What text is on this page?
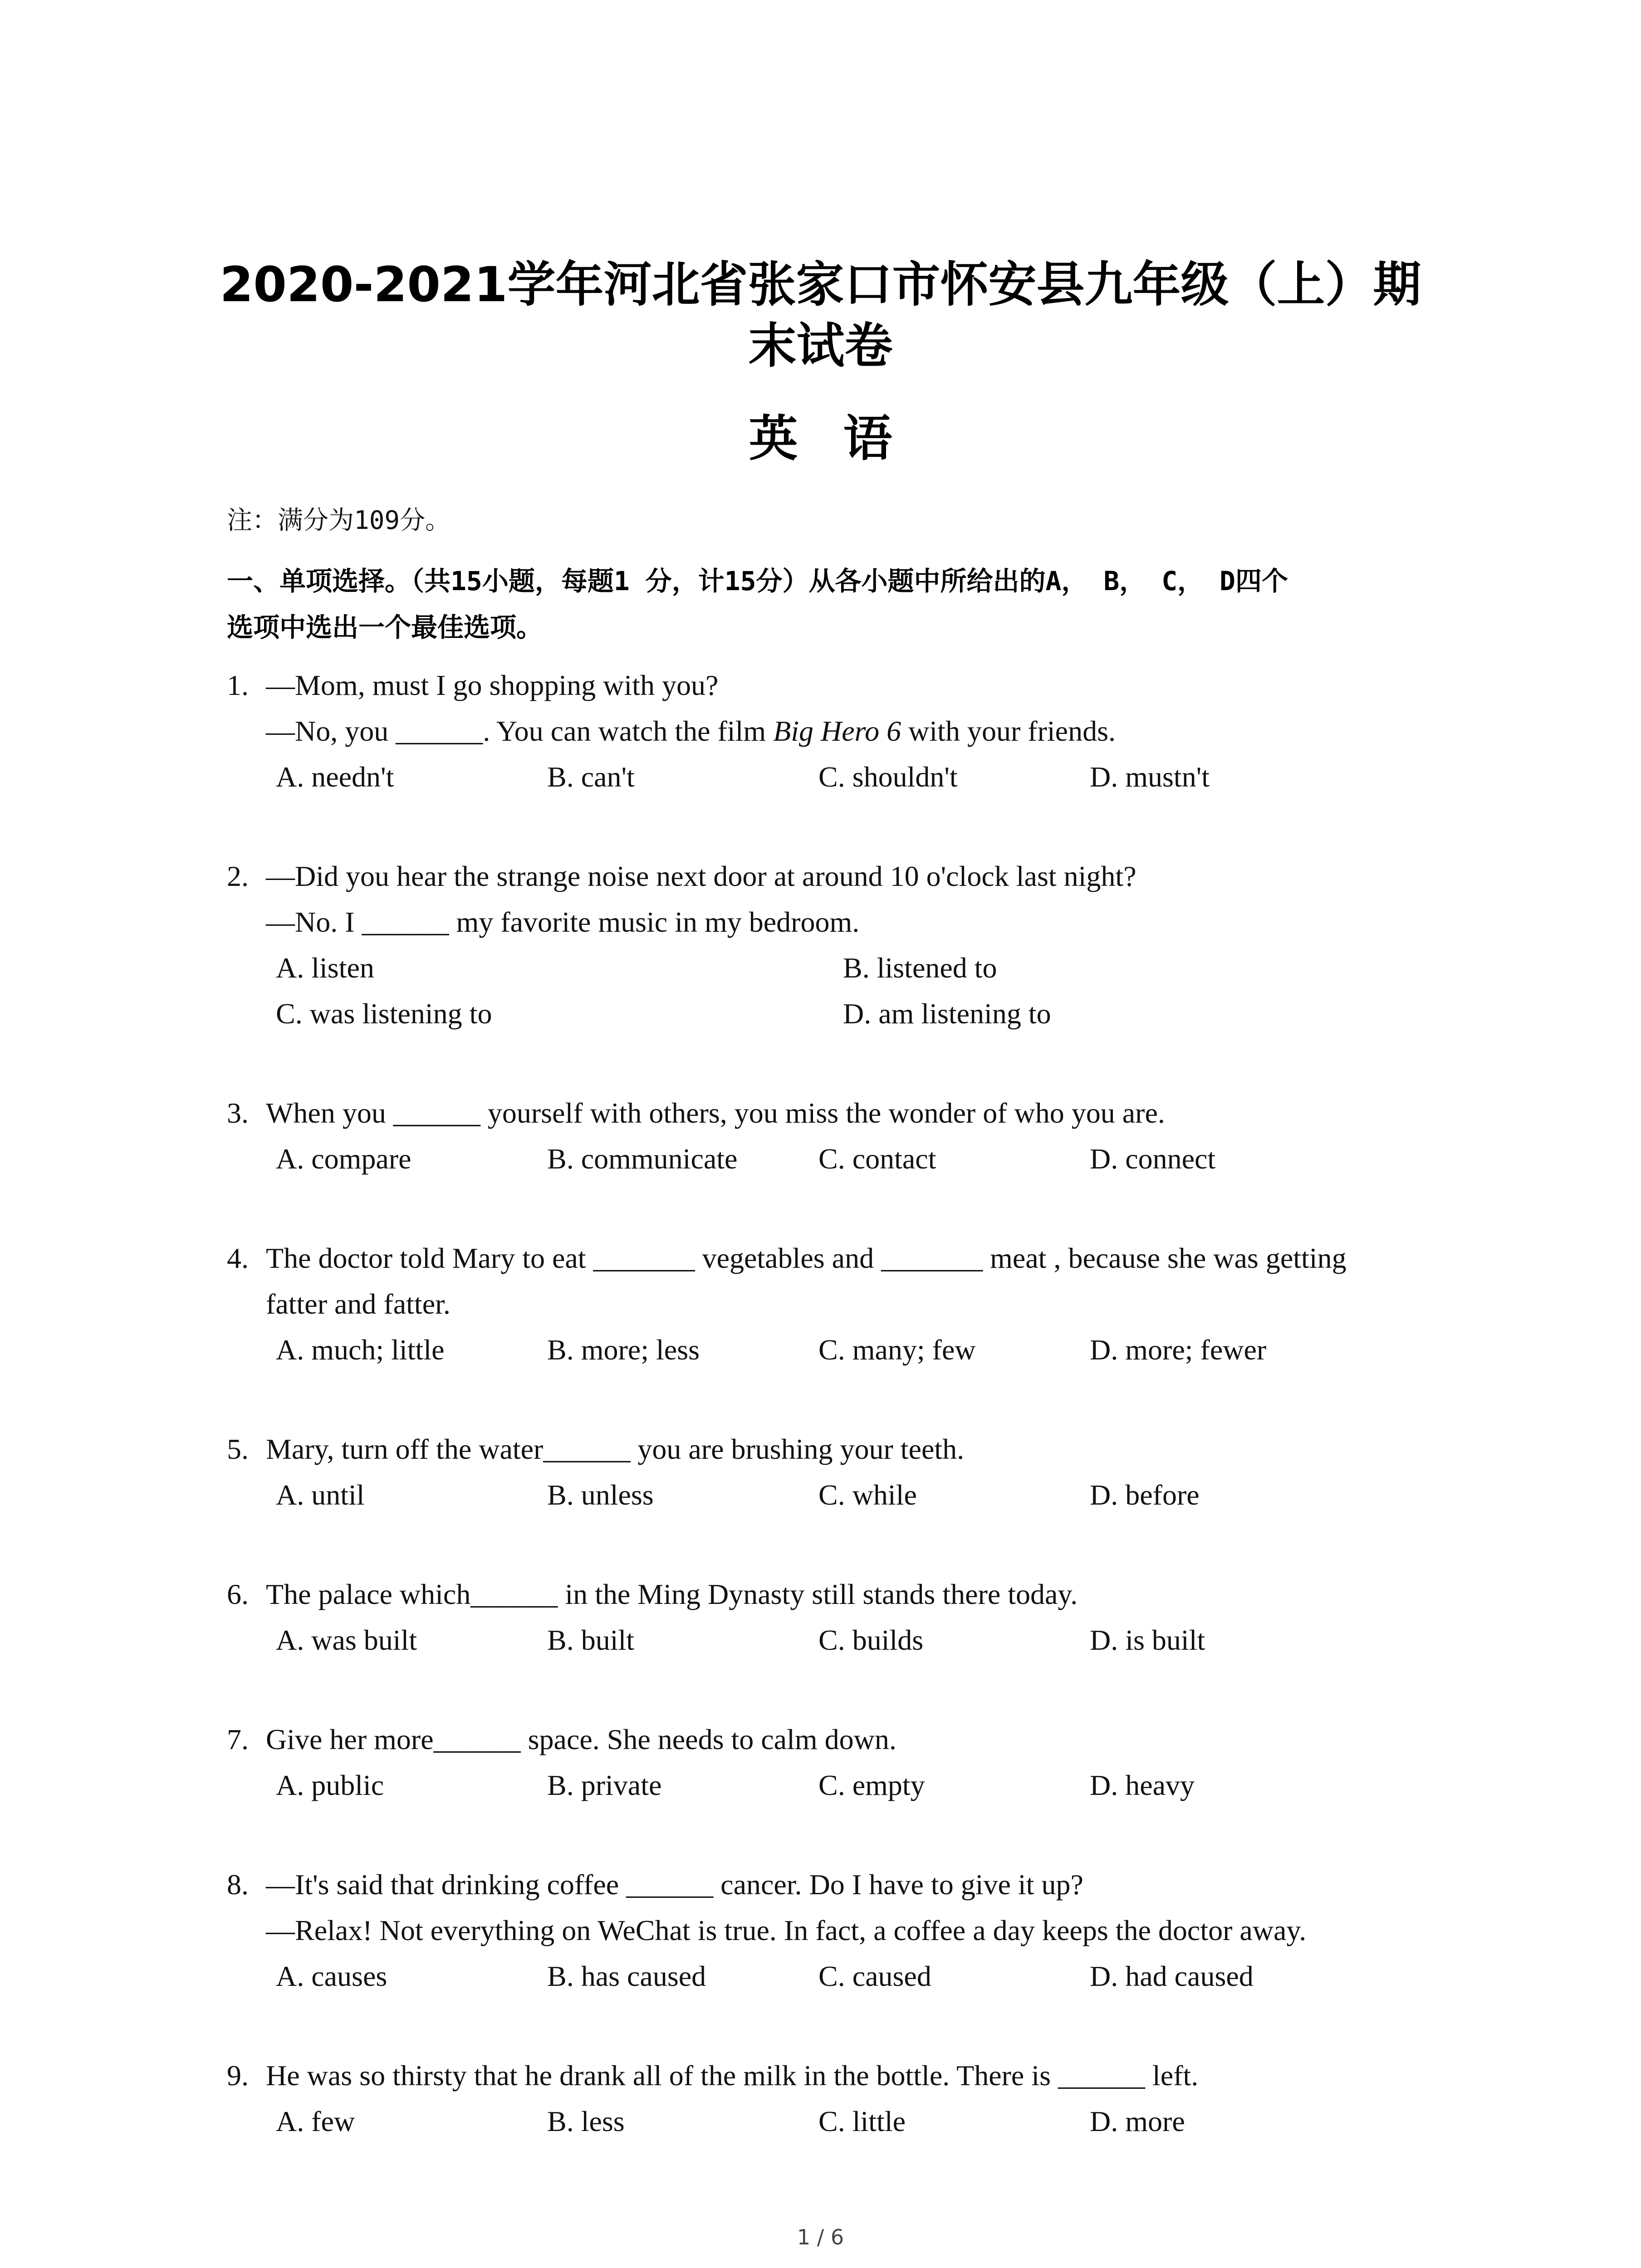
2020-2021学年河北省张家口市怀安县九年级（上）期
末试卷
英语
注：满分为109分。
一、单项选择。（共15小题，每题1 分，计15分）从各小题中所给出的A， B， C， D四个
选项中选出一个最佳选项。
1. —Mom, must I go shopping with you?
—No, you ______. You can watch the film Big Hero 6 with your friends.
A. needn't	B. can't	C. shouldn't	D. mustn't
2. —Did you hear the strange noise next door at around 10 o'clock last night?
—No. I ______ my favorite music in my bedroom.
A. listen	B. listened to
C. was listening to	D. am listening to
3. When you ______ yourself with others, you miss the wonder of who you are.
A. compare	B. communicate	C. contact	D. connect
4. The doctor told Mary to eat _______ vegetables and _______ meat , because she was getting
fatter and fatter.
A. much; little	B. more; less	C. many; few	D. more; fewer
5. Mary, turn off the water______ you are brushing your teeth.
A. until	B. unless	C. while	D. before
6. The palace which______ in the Ming Dynasty still stands there today.
A. was built	B. built	C. builds	D. is built
7. Give her more______ space. She needs to calm down.
A. public	B. private	C. empty	D. heavy
8. —It's said that drinking coffee ______ cancer. Do I have to give it up?
—Relax! Not everything on WeChat is true. In fact, a coffee a day keeps the doctor away.
A. causes	B. has caused	C. caused	D. had caused
9. He was so thirsty that he drank all of the milk in the bottle. There is ______ left.
A. few	B. less	C. little	D. more
1 / 6
